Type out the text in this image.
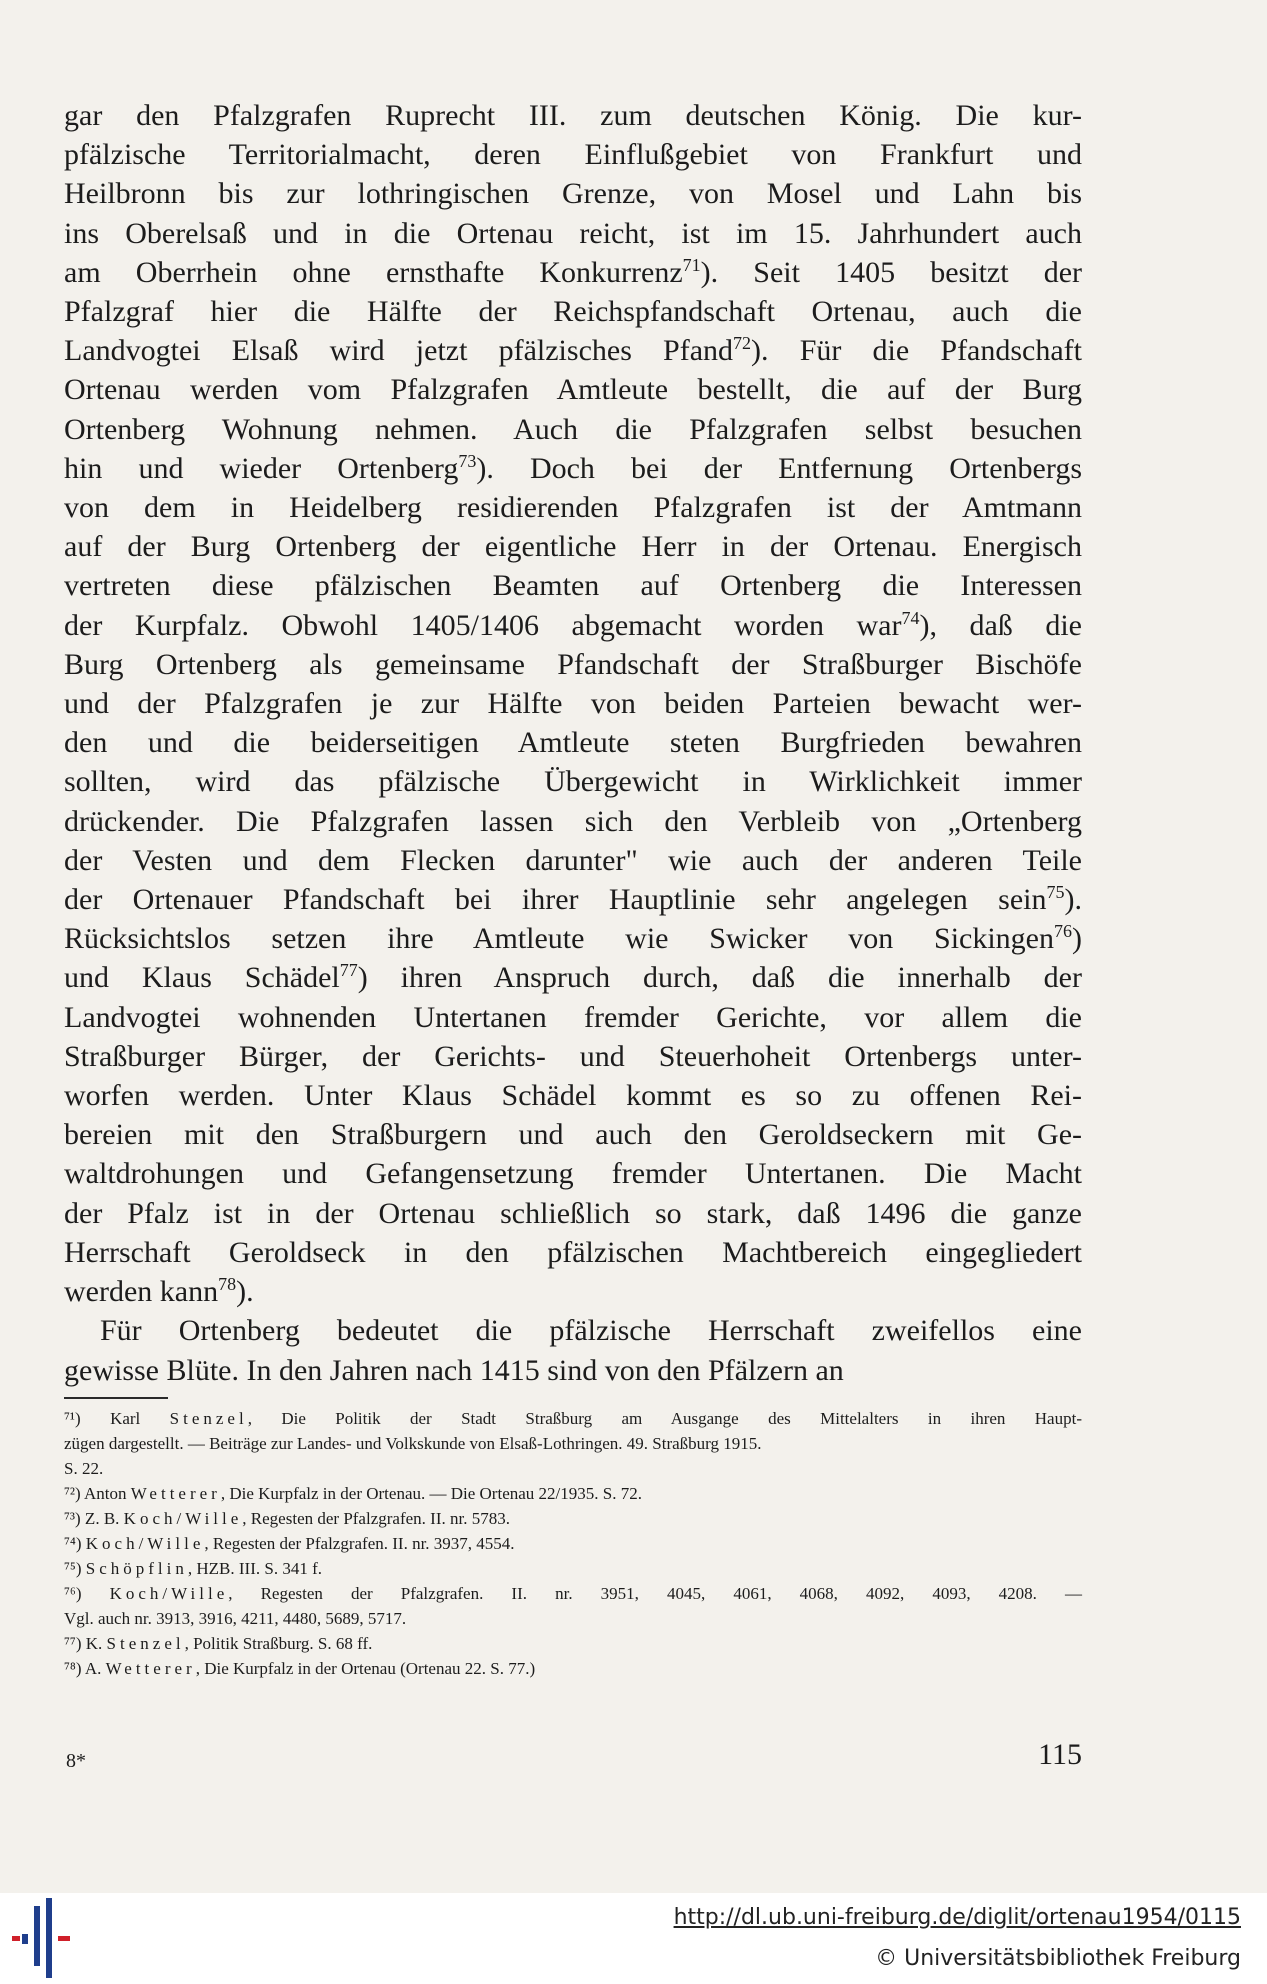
gar den Pfalzgrafen Ruprecht III. zum deutschen König. Die kur-
pfälzische Territorialmacht, deren Einflußgebiet von Frankfurt und
Heilbronn bis zur lothringischen Grenze, von Mosel und Lahn bis
ins Oberelsaß und in die Ortenau reicht, ist im 15. Jahrhundert auch
am Oberrhein ohne ernsthafte Konkurrenz$^{71}$). Seit 1405 besitzt der
Pfalzgraf hier die Hälfte der Reichspfandschaft Ortenau, auch die
Landvogtei Elsaß wird jetzt pfälzisches Pfand$^{72}$). Für die Pfandschaft
Ortenau werden vom Pfalzgrafen Amtleute bestellt, die auf der Burg
Ortenberg Wohnung nehmen. Auch die Pfalzgrafen selbst besuchen
hin und wieder Ortenberg$^{73}$). Doch bei der Entfernung Ortenbergs
von dem in Heidelberg residierenden Pfalzgrafen ist der Amtmann
auf der Burg Ortenberg der eigentliche Herr in der Ortenau. Energisch
vertreten diese pfälzischen Beamten auf Ortenberg die Interessen
der Kurpfalz. Obwohl 1405/1406 abgemacht worden war$^{74}$), daß die
Burg Ortenberg als gemeinsame Pfandschaft der Straßburger Bischöfe
und der Pfalzgrafen je zur Hälfte von beiden Parteien bewacht wer-
den und die beiderseitigen Amtleute steten Burgfrieden bewahren
sollten, wird das pfälzische Übergewicht in Wirklichkeit immer
drückender. Die Pfalzgrafen lassen sich den Verbleib von „Ortenberg
der Vesten und dem Flecken darunter" wie auch der anderen Teile
der Ortenauer Pfandschaft bei ihrer Hauptlinie sehr angelegen sein$^{75}$).
Rücksichtslos setzen ihre Amtleute wie Swicker von Sickingen$^{76}$)
und Klaus Schädel$^{77}$) ihren Anspruch durch, daß die innerhalb der
Landvogtei wohnenden Untertanen fremder Gerichte, vor allem die
Straßburger Bürger, der Gerichts- und Steuerhoheit Ortenbergs unter-
worfen werden. Unter Klaus Schädel kommt es so zu offenen Rei-
bereien mit den Straßburgern und auch den Geroldseckern mit Ge-
waltdrohungen und Gefangensetzung fremder Untertanen. Die Macht
der Pfalz ist in der Ortenau schließlich so stark, daß 1496 die ganze
Herrschaft Geroldseck in den pfälzischen Machtbereich eingegliedert
werden kann$^{78}$).
Für Ortenberg bedeutet die pfälzische Herrschaft zweifellos eine
gewisse Blüte. In den Jahren nach 1415 sind von den Pfälzern an
⁷¹) Karl Stenzel, Die Politik der Stadt Straßburg am Ausgange des Mittelalters in ihren Haupt-
zügen dargestellt. — Beiträge zur Landes- und Volkskunde von Elsaß-Lothringen. 49. Straßburg 1915.
S. 22.
⁷²) Anton Wetterer, Die Kurpfalz in der Ortenau. — Die Ortenau 22/1935. S. 72.
⁷³) Z. B. Koch/Wille, Regesten der Pfalzgrafen. II. nr. 5783.
⁷⁴) Koch/Wille, Regesten der Pfalzgrafen. II. nr. 3937, 4554.
⁷⁵) Schöpflin, HZB. III. S. 341 f.
⁷⁶) Koch/Wille, Regesten der Pfalzgrafen. II. nr. 3951, 4045, 4061, 4068, 4092, 4093, 4208. —
Vgl. auch nr. 3913, 3916, 4211, 4480, 5689, 5717.
⁷⁷) K. Stenzel, Politik Straßburg. S. 68 ff.
⁷⁸) A. Wetterer, Die Kurpfalz in der Ortenau (Ortenau 22. S. 77.)
8*	115
http://dl.ub.uni-freiburg.de/diglit/ortenau1954/0115
© Universitätsbibliothek Freiburg
